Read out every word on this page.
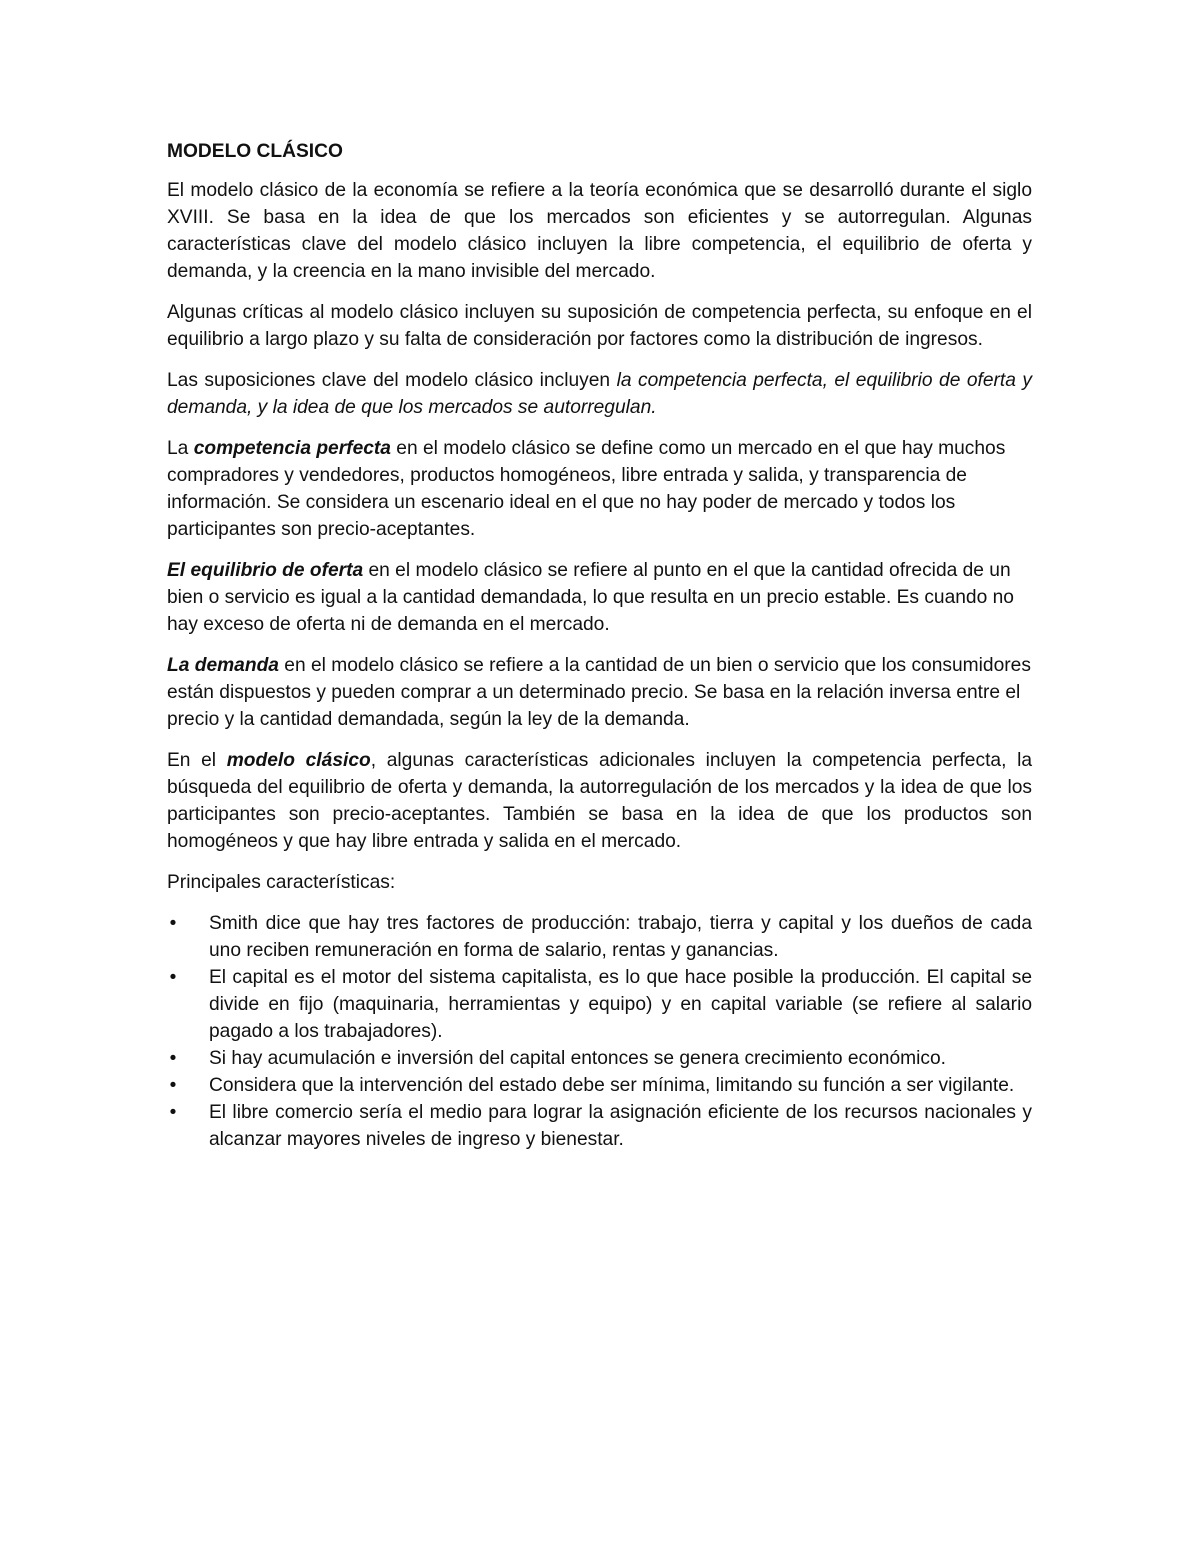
MODELO CLÁSICO

El modelo clásico de la economía se refiere a la teoría económica que se desarrolló durante el siglo XVIII. Se basa en la idea de que los mercados son eficientes y se autorregulan. Algunas características clave del modelo clásico incluyen la libre competencia, el equilibrio de oferta y demanda, y la creencia en la mano invisible del mercado.

Algunas críticas al modelo clásico incluyen su suposición de competencia perfecta, su enfoque en el equilibrio a largo plazo y su falta de consideración por factores como la distribución de ingresos.

Las suposiciones clave del modelo clásico incluyen la competencia perfecta, el equilibrio de oferta y demanda, y la idea de que los mercados se autorregulan.

La competencia perfecta en el modelo clásico se define como un mercado en el que hay muchos compradores y vendedores, productos homogéneos, libre entrada y salida, y transparencia de información. Se considera un escenario ideal en el que no hay poder de mercado y todos los participantes son precio-aceptantes.

El equilibrio de oferta en el modelo clásico se refiere al punto en el que la cantidad ofrecida de un bien o servicio es igual a la cantidad demandada, lo que resulta en un precio estable. Es cuando no hay exceso de oferta ni de demanda en el mercado.

La demanda en el modelo clásico se refiere a la cantidad de un bien o servicio que los consumidores están dispuestos y pueden comprar a un determinado precio. Se basa en la relación inversa entre el precio y la cantidad demandada, según la ley de la demanda.

En el modelo clásico, algunas características adicionales incluyen la competencia perfecta, la búsqueda del equilibrio de oferta y demanda, la autorregulación de los mercados y la idea de que los participantes son precio-aceptantes. También se basa en la idea de que los productos son homogéneos y que hay libre entrada y salida en el mercado.

Principales características:

• Smith dice que hay tres factores de producción: trabajo, tierra y capital y los dueños de cada uno reciben remuneración en forma de salario, rentas y ganancias.
• El capital es el motor del sistema capitalista, es lo que hace posible la producción. El capital se divide en fijo (maquinaria, herramientas y equipo) y en capital variable (se refiere al salario pagado a los trabajadores).
• Si hay acumulación e inversión del capital entonces se genera crecimiento económico.
• Considera que la intervención del estado debe ser mínima, limitando su función a ser vigilante.
• El libre comercio sería el medio para lograr la asignación eficiente de los recursos nacionales y alcanzar mayores niveles de ingreso y bienestar.
